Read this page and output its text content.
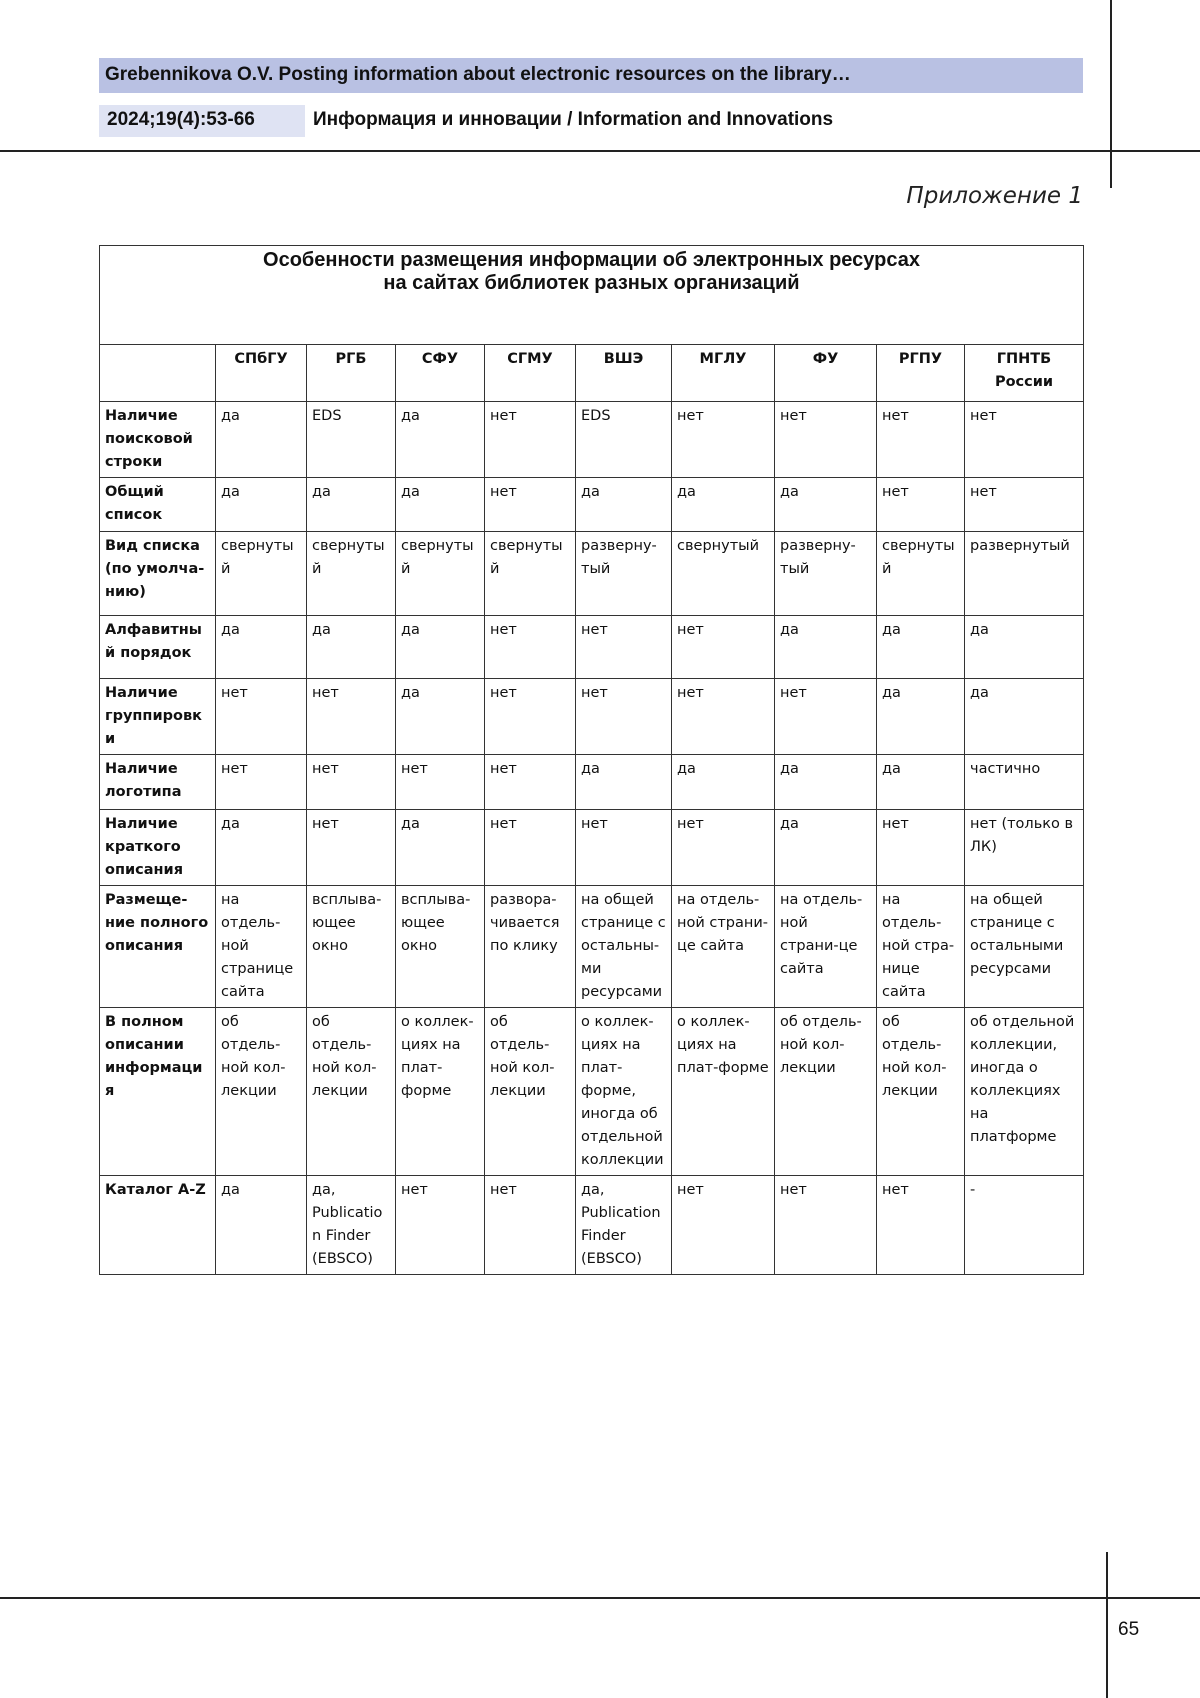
Grebennikova O.V. Posting information about electronic resources on the library…
2024;19(4):53-66	Информация и инновации / Information and Innovations
Приложение 1
Особенности размещения информации об электронных ресурсах
на сайтах библиотек разных организаций									

	СПбГУ	РГБ	СФУ	СГМУ	ВШЭ	МГЛУ	ФУ	РГПУ	ГПНТБ России
Наличие поисковой строки	да	EDS	да	нет	EDS	нет	нет	нет	нет
Общий список	да	да	да	нет	да	да	да	нет	нет
Вид списка (по умолча-нию)	свернутый	свернутый	свернутый	свернутый	разверну-тый	свернутый	разверну-тый	свернутый	развернутый
Алфавитный порядок	да	да	да	нет	нет	нет	да	да	да
Наличие группировки	нет	нет	да	нет	нет	нет	нет	да	да
Наличие логотипа	нет	нет	нет	нет	да	да	да	да	частично
Наличие краткого описания	да	нет	да	нет	нет	нет	да	нет	нет (только в ЛК)
Размеще-ние полного описания	на отдель-ной странице сайта	всплыва-ющее окно	всплыва-ющее окно	развора-чивается по клику	на общей странице с остальны-ми ресурсами	на отдель-ной страни-це сайта	на отдель-ной страни-це сайта	на отдель-ной стра-нице сайта	на общей странице с остальными ресурсами
В полном описании информация	об отдель-ной кол-лекции	об отдель-ной кол-лекции	о коллек-циях на плат-форме	об отдель-ной кол-лекции	о коллек-циях на плат-форме, иногда об отдельной коллекции	о коллек-циях на плат-форме	об отдель-ной кол-лекции	об отдель-ной кол-лекции	об отдельной коллекции, иногда о коллекциях на платформе
Каталог A-Z	да	да, Publication Finder (EBSCO)	нет	нет	да, Publication Finder (EBSCO)	нет	нет	нет	-
65
